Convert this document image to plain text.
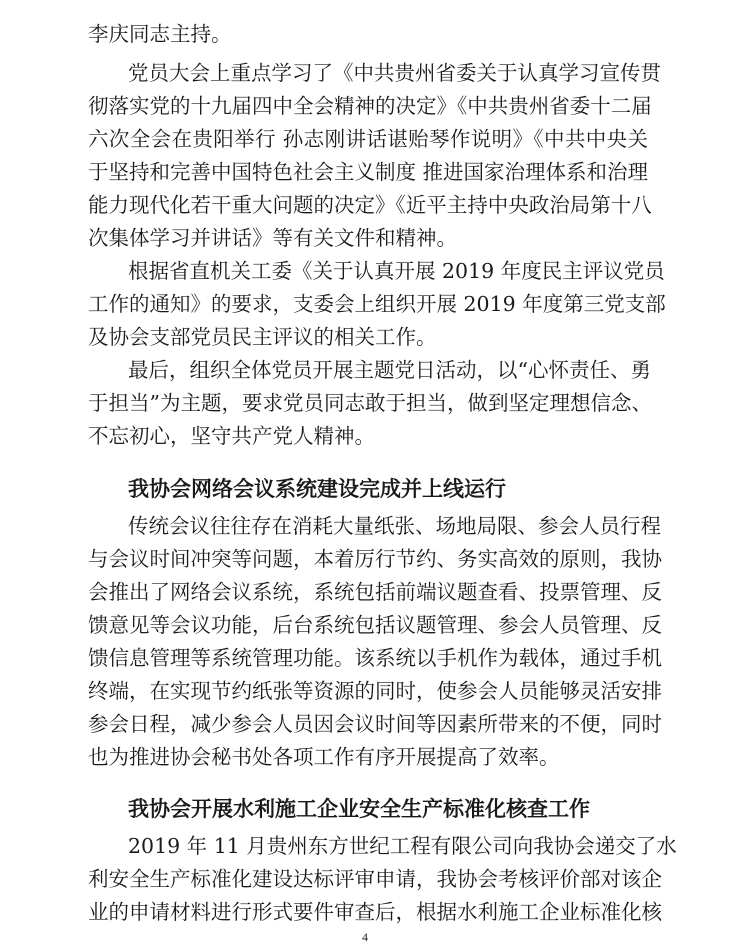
李庆同志主持。
党员大会上重点学习了《中共贵州省委关于认真学习宣传贯
彻落实党的十九届四中全会精神的决定》《中共贵州省委十二届
六次全会在贵阳举行 孙志刚讲话谌贻琴作说明》《中共中央关
于坚持和完善中国特色社会主义制度 推进国家治理体系和治理
能力现代化若干重大问题的决定》《近平主持中央政治局第十八
次集体学习并讲话》等有关文件和精神。
根据省直机关工委《关于认真开展 2019 年度民主评议党员
工作的通知》的要求，支委会上组织开展 2019 年度第三党支部
及协会支部党员民主评议的相关工作。
最后，组织全体党员开展主题党日活动，以“心怀责任、勇
于担当”为主题，要求党员同志敢于担当，做到坚定理想信念、
不忘初心，坚守共产党人精神。
我协会网络会议系统建设完成并上线运行
传统会议往往存在消耗大量纸张、场地局限、参会人员行程
与会议时间冲突等问题，本着厉行节约、务实高效的原则，我协
会推出了网络会议系统，系统包括前端议题查看、投票管理、反
馈意见等会议功能，后台系统包括议题管理、参会人员管理、反
馈信息管理等系统管理功能。该系统以手机作为载体，通过手机
终端，在实现节约纸张等资源的同时，使参会人员能够灵活安排
参会日程，减少参会人员因会议时间等因素所带来的不便，同时
也为推进协会秘书处各项工作有序开展提高了效率。
我协会开展水利施工企业安全生产标准化核查工作
2019 年 11 月贵州东方世纪工程有限公司向我协会递交了水
利安全生产标准化建设达标评审申请，我协会考核评价部对该企
业的申请材料进行形式要件审查后，根据水利施工企业标准化核
4
